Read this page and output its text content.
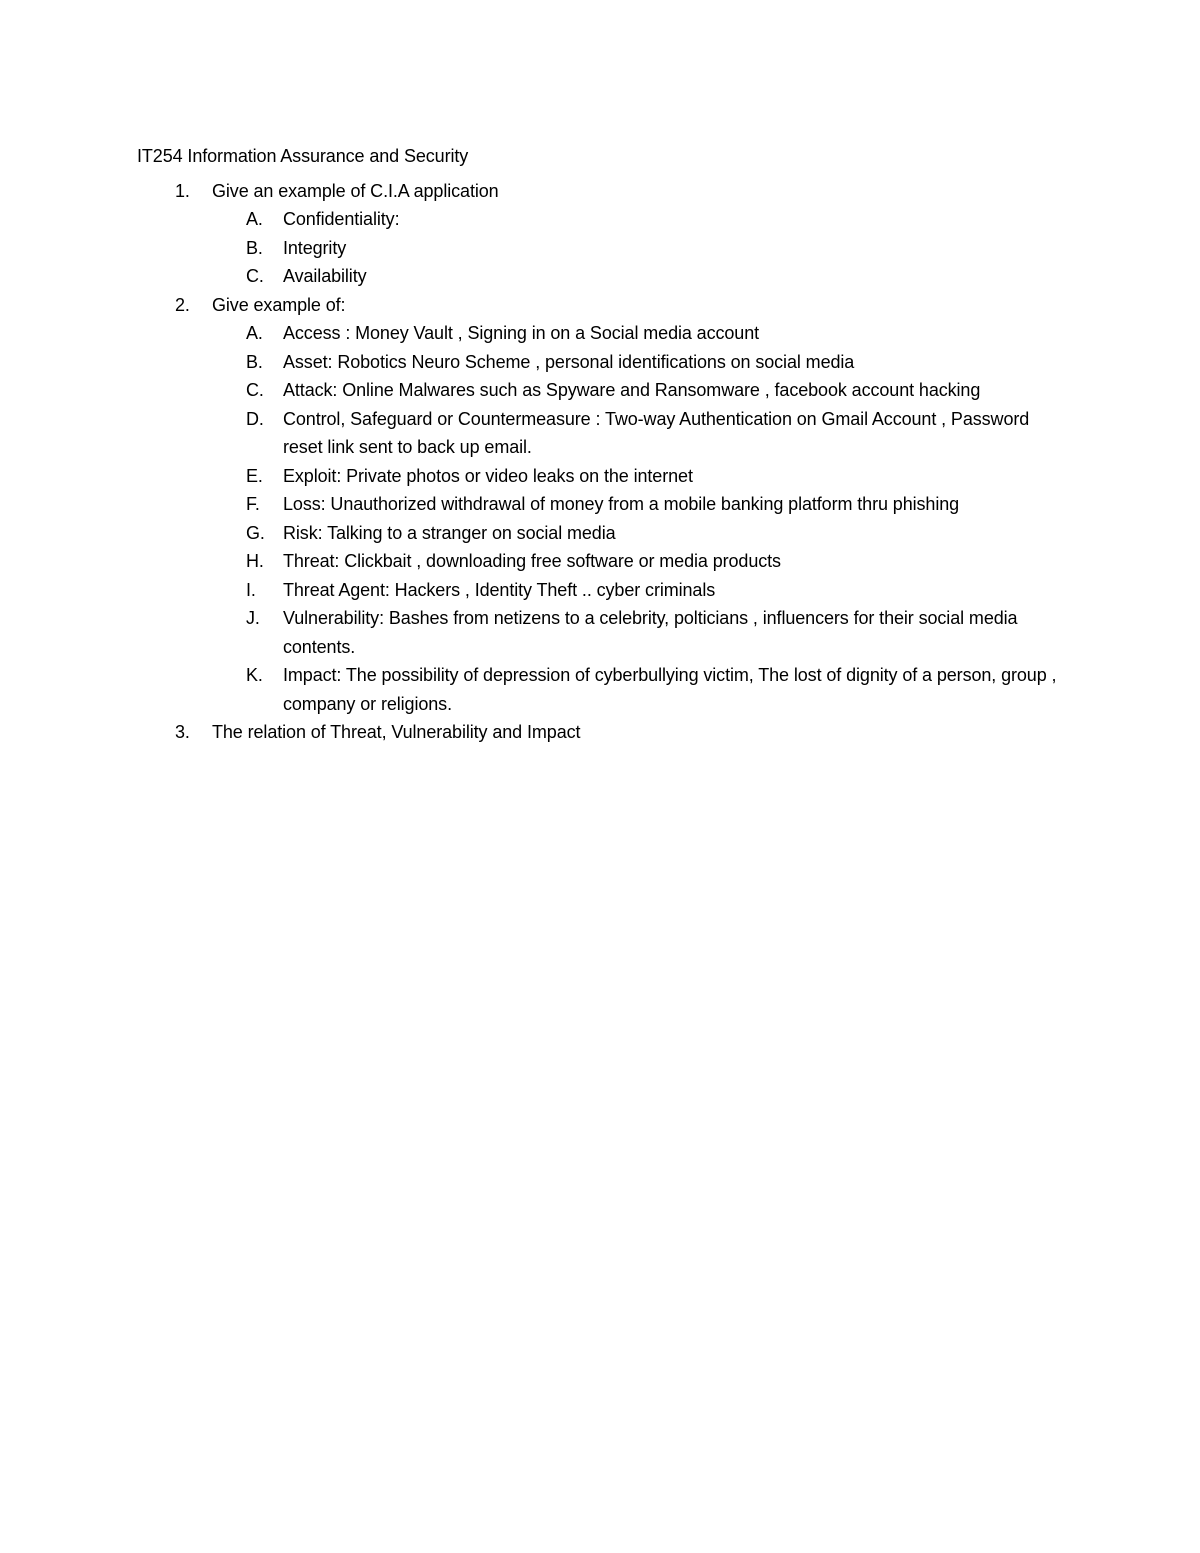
IT254 Information Assurance and Security

1.	Give an example of C.I.A application
A.	Confidentiality:
B.	Integrity
C.	Availability
2.	Give example of:
A.	Access : Money Vault , Signing in on a Social media account
B.	Asset: Robotics Neuro Scheme , personal identifications on social media
C.	Attack: Online Malwares such as Spyware and Ransomware , facebook account hacking
D.	Control, Safeguard or Countermeasure : Two-way Authentication on Gmail Account , Password reset link sent to back up email.
E.	Exploit: Private photos or video leaks on the internet
F.	Loss: Unauthorized withdrawal of money from a mobile banking platform thru phishing
G.	Risk: Talking to a stranger on social media
H.	Threat: Clickbait , downloading free software or media products
I.	Threat Agent: Hackers , Identity Theft .. cyber criminals
J.	Vulnerability: Bashes from netizens to a celebrity, polticians , influencers for their social media contents.
K.	Impact: The possibility of depression of cyberbullying victim, The lost of dignity of a person, group , company or religions.
3.	The relation of Threat, Vulnerability and Impact
